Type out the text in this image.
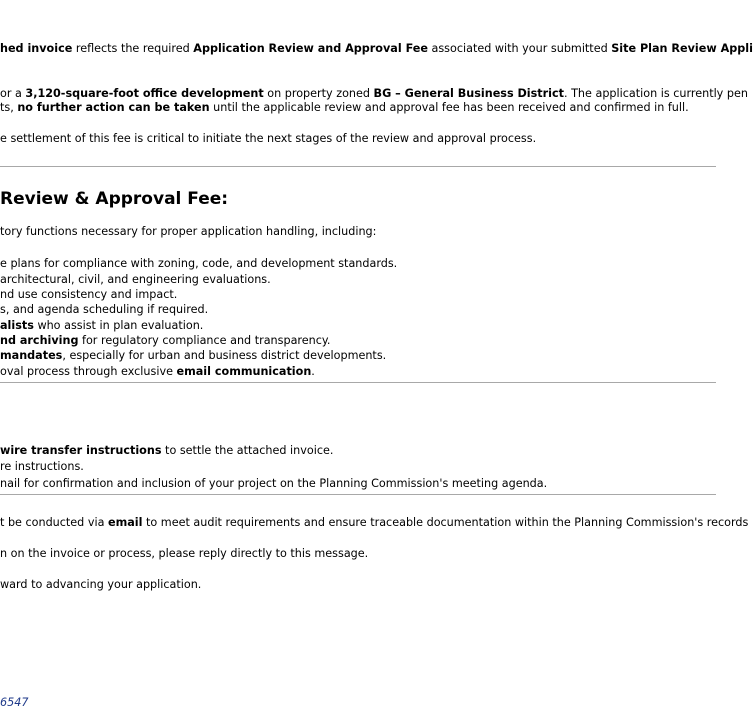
hed invoice reflects the required Application Review and Approval Fee associated with your submitted Site Plan Review Appli

or a 3,120-square-foot office development on property zoned BG – General Business District. The application is currently pen

ts, no further action can be taken until the applicable review and approval fee has been received and confirmed in full.

e settlement of this fee is critical to initiate the next stages of the review and approval process.

Review & Approval Fee:

tory functions necessary for proper application handling, including:

e plans for compliance with zoning, code, and development standards.

architectural, civil, and engineering evaluations.

nd use consistency and impact.

s, and agenda scheduling if required.

alists who assist in plan evaluation.

nd archiving for regulatory compliance and transparency.

mandates, especially for urban and business district developments.

oval process through exclusive email communication.

wire transfer instructions to settle the attached invoice.

re instructions.

nail for confirmation and inclusion of your project on the Planning Commission's meeting agenda.

t be conducted via email to meet audit requirements and ensure traceable documentation within the Planning Commission's records

n on the invoice or process, please reply directly to this message.

ward to advancing your application.

6547
